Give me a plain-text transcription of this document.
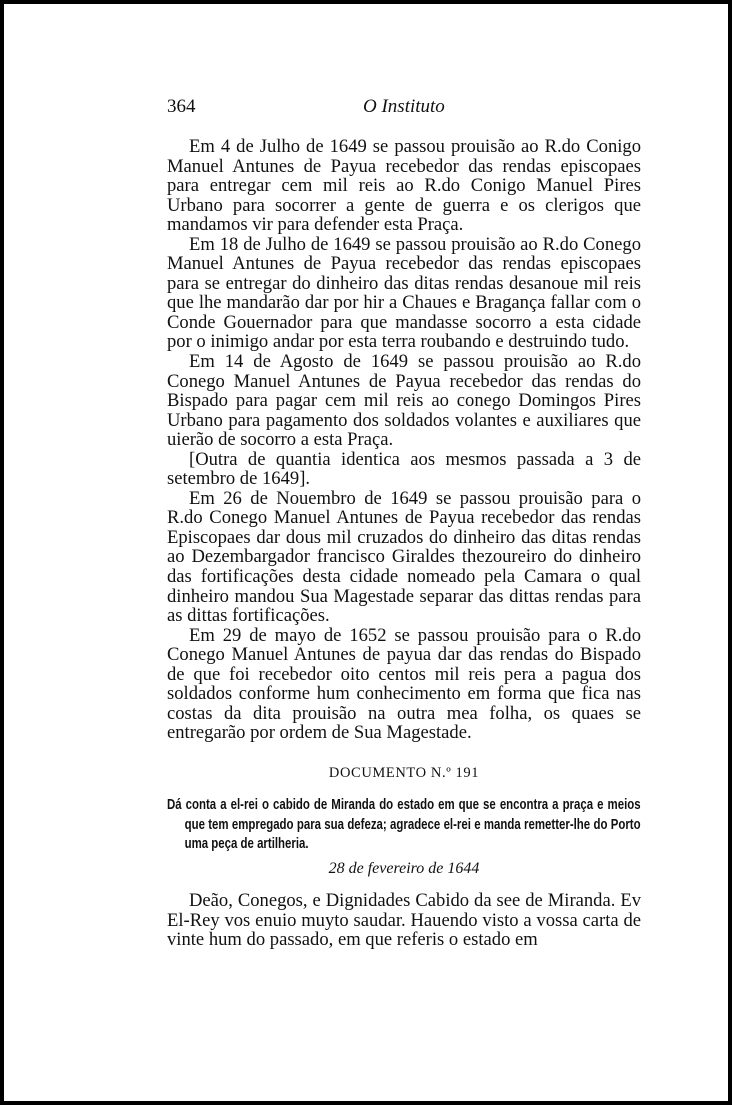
364	O Instituto

Em 4 de Julho de 1649 se passou prouisão ao R.do Conigo Manuel Antunes de Payua recebedor das rendas episcopaes para entregar cem mil reis ao R.do Conigo Manuel Pires Urbano para socorrer a gente de guerra e os clerigos que mandamos vir para defender esta Praça.

Em 18 de Julho de 1649 se passou prouisão ao R.do Conego Manuel Antunes de Payua recebedor das rendas episcopaes para se entregar do dinheiro das ditas rendas desanoue mil reis que lhe mandarão dar por hir a Chaues e Bragança fallar com o Conde Gouernador para que mandasse socorro a esta cidade por o inimigo andar por esta terra roubando e destruindo tudo.

Em 14 de Agosto de 1649 se passou prouisão ao R.do Conego Manuel Antunes de Payua recebedor das rendas do Bispado para pagar cem mil reis ao conego Domingos Pires Urbano para pagamento dos soldados volantes e auxiliares que uierão de socorro a esta Praça.

[Outra de quantia identica aos mesmos passada a 3 de setembro de 1649].

Em 26 de Nouembro de 1649 se passou prouisão para o R.do Conego Manuel Antunes de Payua recebedor das rendas Episcopaes dar dous mil cruzados do dinheiro das ditas rendas ao Dezembargador francisco Giraldes thezoureiro do dinheiro das fortificações desta cidade nomeado pela Camara o qual dinheiro mandou Sua Magestade separar das dittas rendas para as dittas fortificações.

Em 29 de mayo de 1652 se passou prouisão para o R.do Conego Manuel Antunes de payua dar das rendas do Bispado de que foi recebedor oito centos mil reis pera a pagua dos soldados conforme hum conhecimento em forma que fica nas costas da dita prouisão na outra mea folha, os quaes se entregarão por ordem de Sua Magestade.

DOCUMENTO N.º 191

Dá conta a el-rei o cabido de Miranda do estado em que se encontra a praça e meios que tem empregado para sua defeza; agradece el-rei e manda remetter-lhe do Porto uma peça de artilheria.

28 de fevereiro de 1644

Deão, Conegos, e Dignidades Cabido da see de Miranda. Ev El-Rey vos enuio muyto saudar. Hauendo visto a vossa carta de vinte hum do passado, em que referis o estado em
